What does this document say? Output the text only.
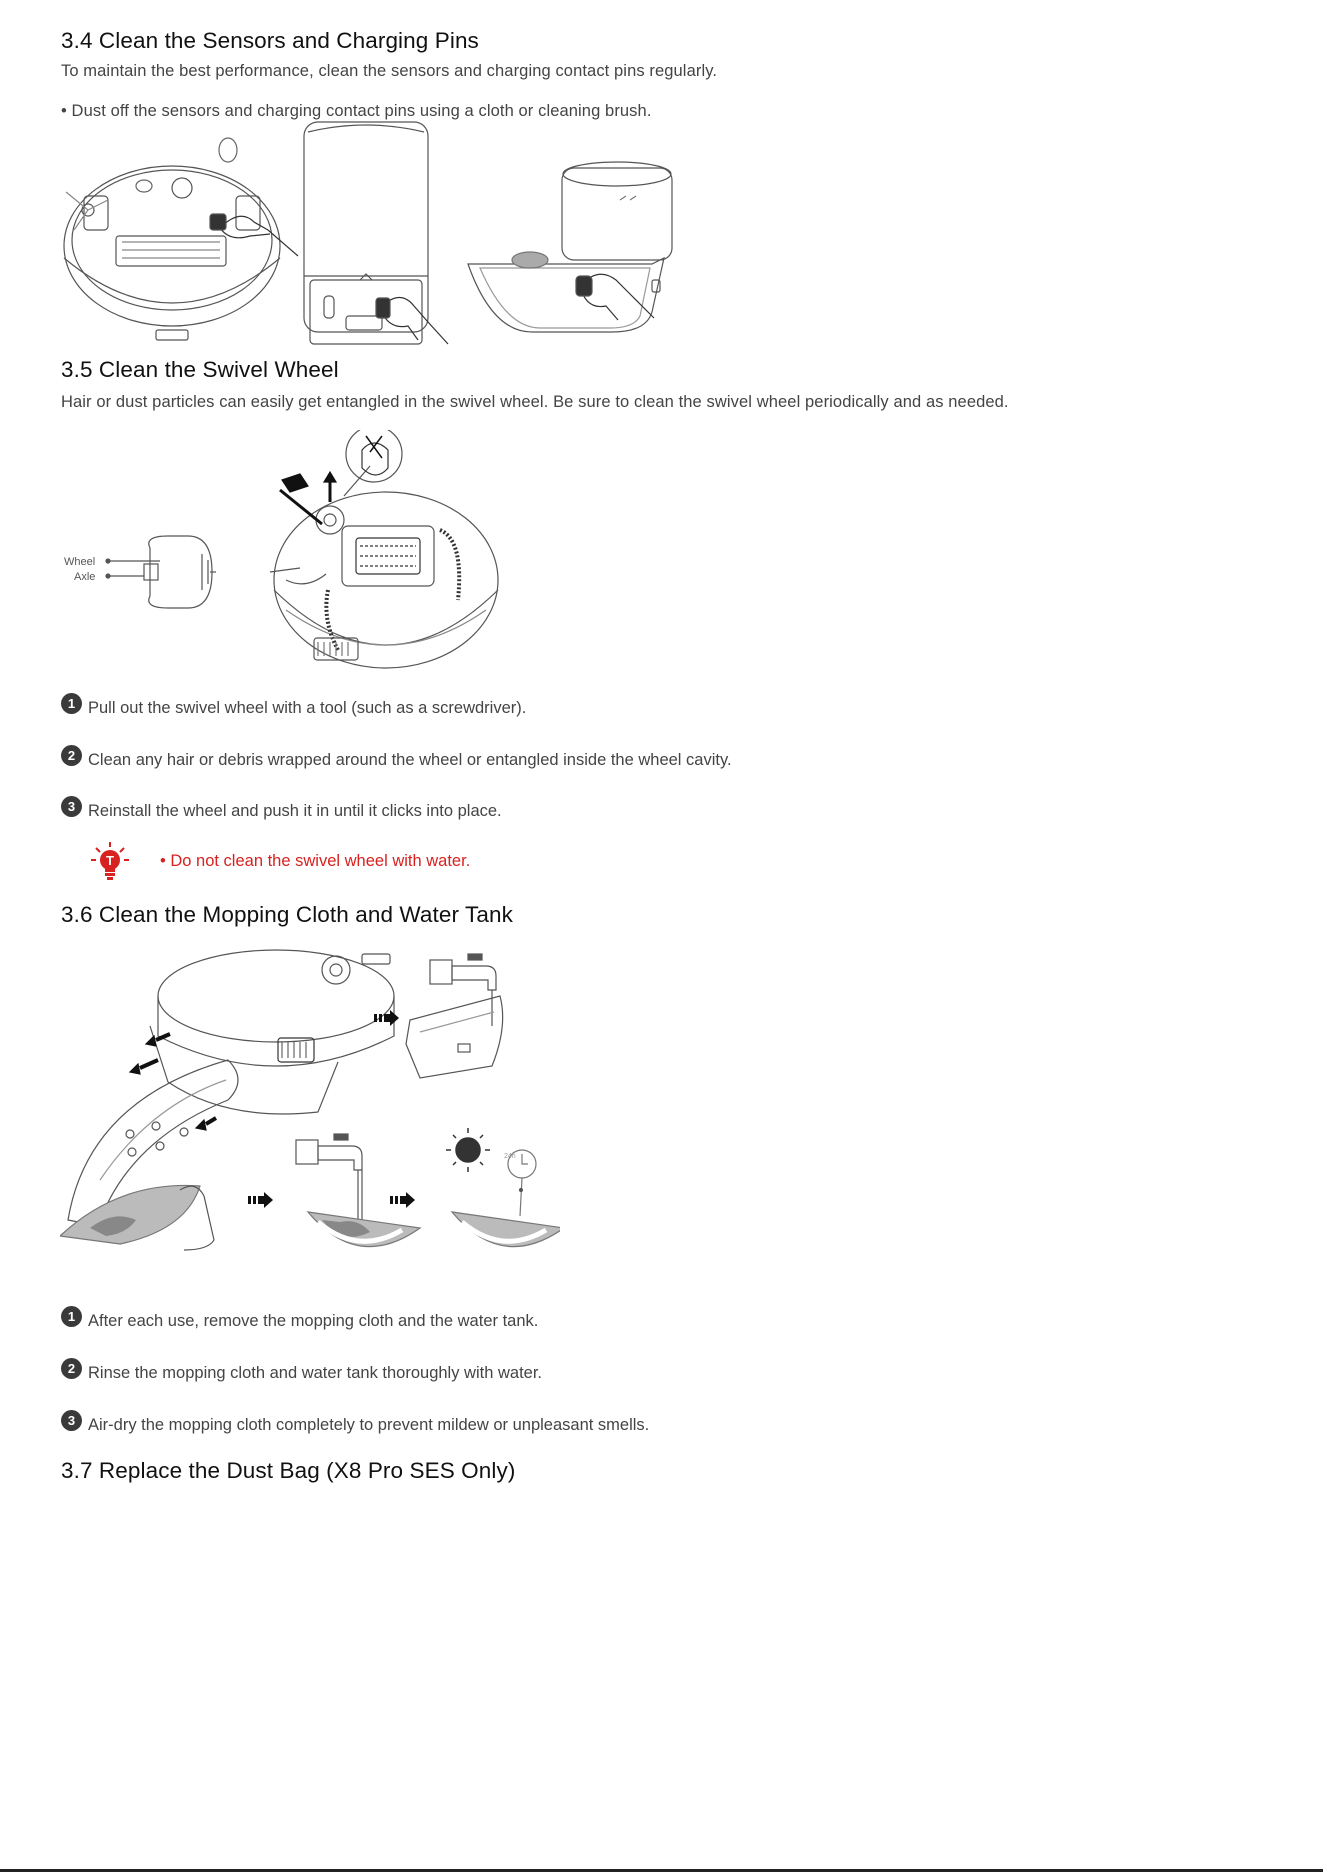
3.4 Clean the Sensors and Charging Pins

To maintain the best performance, clean the sensors and charging contact pins regularly.

• Dust off the sensors and charging contact pins using a cloth or cleaning brush.

3.5 Clean the Swivel Wheel

Hair or dust particles can easily get entangled in the swivel wheel. Be sure to clean the swivel wheel periodically and as needed.

Wheel
Axle
1 Pull out the swivel wheel with a tool (such as a screwdriver).
2 Clean any hair or debris wrapped around the wheel or entangled inside the wheel cavity.
3 Reinstall the wheel and push it in until it clicks into place.
T	• Do not clean the swivel wheel with water.
3.6 Clean the Mopping Cloth and Water Tank
24h
1 After each use, remove the mopping cloth and the water tank.
2 Rinse the mopping cloth and water tank thoroughly with water.
3 Air-dry the mopping cloth completely to prevent mildew or unpleasant smells.
3.7 Replace the Dust Bag (X8 Pro SES Only)
